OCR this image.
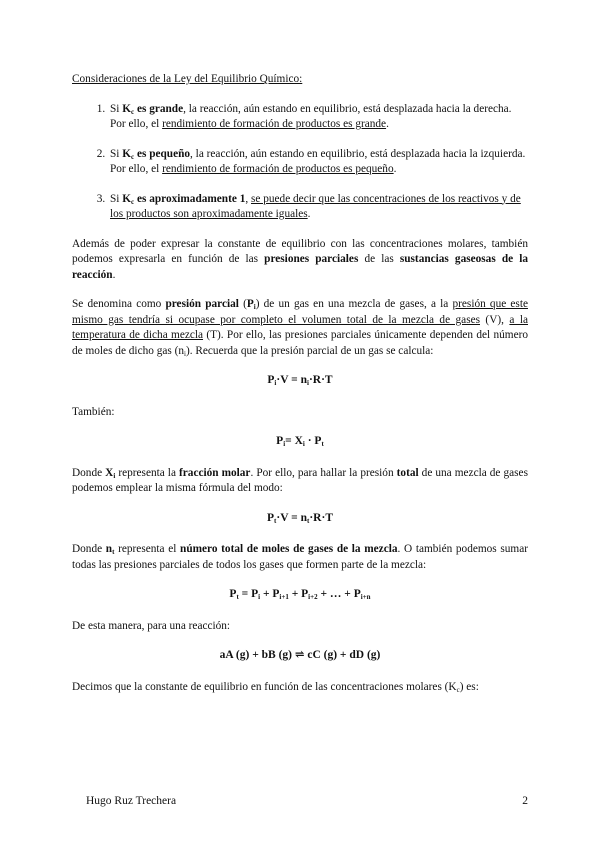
Consideraciones de la Ley del Equilibrio Químico:
1. Si $K_c$ es grande, la reacción, aún estando en equilibrio, está desplazada hacia la derecha. Por ello, el rendimiento de formación de productos es grande.
2. Si $K_c$ es pequeño, la reacción, aún estando en equilibrio, está desplazada hacia la izquierda. Por ello, el rendimiento de formación de productos es pequeño.
3. Si $K_c$ es aproximadamente 1, se puede decir que las concentraciones de los reactivos y de los productos son aproximadamente iguales.

Además de poder expresar la constante de equilibrio con las concentraciones molares, también podemos expresarla en función de las presiones parciales de las sustancias gaseosas de la reacción.

Se denomina como presión parcial $(P_i)$ de un gas en una mezcla de gases, a la presión que este mismo gas tendría si ocupase por completo el volumen total de la mezcla de gases (V), a la temperatura de dicha mezcla (T). Por ello, las presiones parciales únicamente dependen del número de moles de dicho gas $(n_i)$. Recuerda que la presión parcial de un gas se calcula:

$P_i\cdot V = n_i\cdot R\cdot T$

También:

$P_i= X_i \cdot P_t$

Donde $X_i$ representa la fracción molar. Por ello, para hallar la presión total de una mezcla de gases podemos emplear la misma fórmula del modo:

$P_t\cdot V = n_t\cdot R\cdot T$

Donde $n_t$ representa el número total de moles de gases de la mezcla. O también podemos sumar todas las presiones parciales de todos los gases que formen parte de la mezcla:

$P_t = P_i + P_{i+1} + P_{i+2}$ + … + $P_{i+n}$

De esta manera, para una reacción:

aA (g) + bB (g) ⇌ cC (g) + dD (g)

Decimos que la constante de equilibrio en función de las concentraciones molares $(K_c)$ es:

Hugo Ruz Trechera	2
